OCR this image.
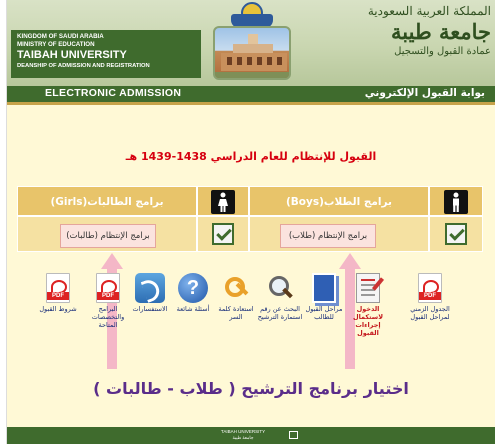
KINGDOM OF SAUDI ARABIA
MINISTRY OF EDUCATION
TAIBAH UNIVERSITY
DEANSHIP OF ADMISSION AND REGISTRATION
المملكة العربية السعودية
جامعة طيبة
عمادة القبول والتسجيل
ELECTRONIC ADMISSION	بوابة القبول الإلكتروني
القبول للإنتظام للعام الدراسي 1438-1439 هـ
برامج الطالبات(Girls)	برامج الطلاب(Boys)
برامج الإنتظام (طالبات)	برامج الإنتظام (طلاب)
PDF
شروط القبول
PDF
البرامج والتخصصات المتاحة
الاستفسارات
?
أسئلة شائعة	استعادة كلمة السر
البحث عن رقم استمارة الترشيح
مراحل القبول للطالب
الدخول لاستكمال إجراءات القبول
PDF
الجدول الزمني لمراحل القبول
اختيار برنامج الترشيح ( طلاب - طالبات )
TAIBAH UNIVERSITY
جامعة طيبة
